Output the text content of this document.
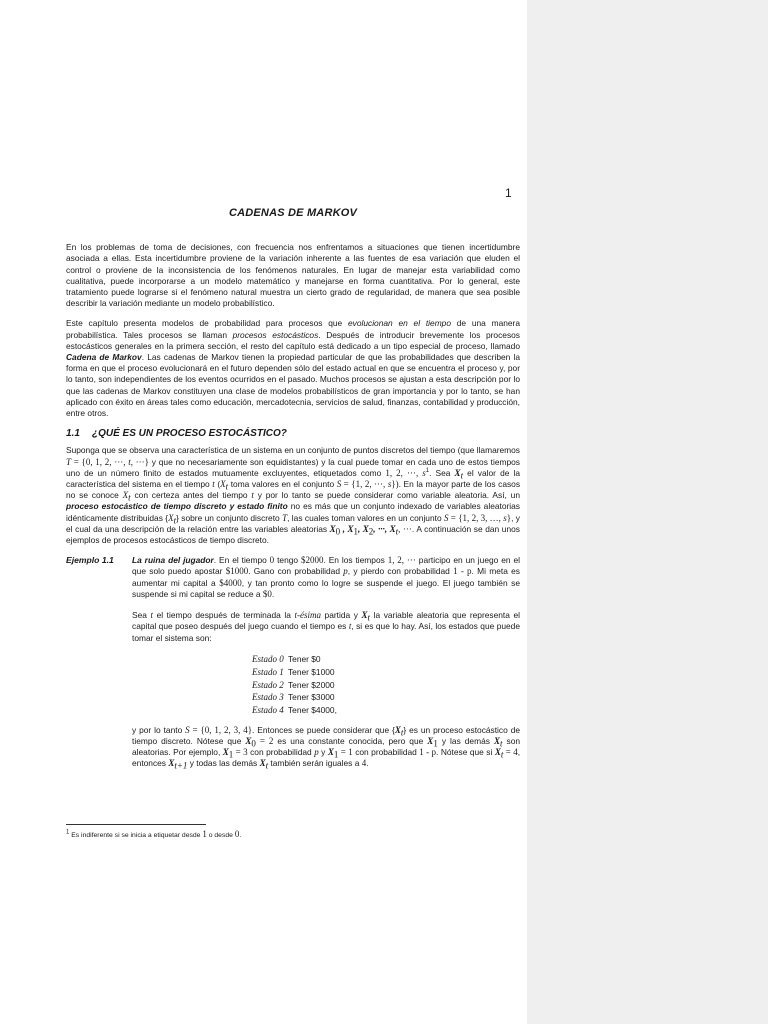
1
CADENAS DE MARKOV

En los problemas de toma de decisiones, con frecuencia nos enfrentamos a situaciones que tienen incertidumbre asociada a ellas. Esta incertidumbre proviene de la variación inherente a las fuentes de esa variación que eluden el control o proviene de la inconsistencia de los fenómenos naturales. En lugar de manejar esta variabilidad como cualitativa, puede incorporarse a un modelo matemático y manejarse en forma cuantitativa. Por lo general, este tratamiento puede lograrse si el fenómeno natural muestra un cierto grado de regularidad, de manera que sea posible describir la variación mediante un modelo probabilístico.

Este capítulo presenta modelos de probabilidad para procesos que evolucionan en el tiempo de una manera probabilística. Tales procesos se llaman procesos estocásticos. Después de introducir brevemente los procesos estocásticos generales en la primera sección, el resto del capítulo está dedicado a un tipo especial de proceso, llamado Cadena de Markov. Las cadenas de Markov tienen la propiedad particular de que las probabilidades que describen la forma en que el proceso evolucionará en el futuro dependen sólo del estado actual en que se encuentra el proceso y, por lo tanto, son independientes de los eventos ocurridos en el pasado. Muchos procesos se ajustan a esta descripción por lo que las cadenas de Markov constituyen una clase de modelos probabilísticos de gran importancia y por lo tanto, se han aplicado con éxito en áreas tales como educación, mercadotecnia, servicios de salud, finanzas, contabilidad y producción, entre otros.

1.1 ¿QUÉ ES UN PROCESO ESTOCÁSTICO?

Suponga que se observa una característica de un sistema en un conjunto de puntos discretos del tiempo (que llamaremos T = {0, 1, 2, ···, t, ···} y que no necesariamente son equidistantes) y la cual puede tomar en cada uno de estos tiempos uno de un número finito de estados mutuamente excluyentes, etiquetados como 1, 2, ···, $s^1$. Sea $X_t$ el valor de la característica del sistema en el tiempo t ($X_t$ toma valores en el conjunto S = {1, 2, ···, s}). En la mayor parte de los casos no se conoce $X_t$ con certeza antes del tiempo t y por lo tanto se puede considerar como variable aleatoria. Así, un proceso estocástico de tiempo discreto y estado finito no es más que un conjunto indexado de variables aleatorias idénticamente distribuidas $\{X_t\}$ sobre un conjunto discreto T, las cuales toman valores en un conjunto S = {1, 2, 3, …, s}, y el cual da una descripción de la relación entre las variables aleatorias $X_0$ , $X_1$, $X_2$, ···, $X_t$, ···. A continuación se dan unos ejemplos de procesos estocásticos de tiempo discreto.

Ejemplo 1.1	La ruina del jugador. En el tiempo 0 tengo $2000. En los tiempos 1, 2, ··· participo en un juego en el que solo puedo apostar $1000. Gano con probabilidad p, y pierdo con probabilidad 1 - p. Mi meta es aumentar mi capital a $4000, y tan pronto como lo logre se suspende el juego. El juego también se suspende si mi capital se reduce a $0.

Sea t el tiempo después de terminada la t-ésima partida y $X_t$ la variable aleatoria que representa el capital que poseo después del juego cuando el tiempo es t, si es que lo hay. Así, los estados que puede tomar el sistema son:

Estado 0 Tener $0
Estado 1 Tener $1000
Estado 2 Tener $2000
Estado 3 Tener $3000
Estado 4 Tener $4000,

y por lo tanto S = {0, 1, 2, 3, 4}. Entonces se puede considerar que $\{X_t\}$ es un proceso estocástico de tiempo discreto. Nótese que $X_0 = 2$ es una constante conocida, pero que $X_1$ y las demás $X_t$ son aleatorias. Por ejemplo, $X_1 = 3$ con probabilidad p y $X_1 = 1$ con probabilidad 1 - p. Nótese que si $X_t = 4$, entonces $X_{t+1}$ y todas las demás $X_t$ también serán iguales a 4.

$^1$ Es indiferente si se inicia a etiquetar desde 1 o desde 0.
